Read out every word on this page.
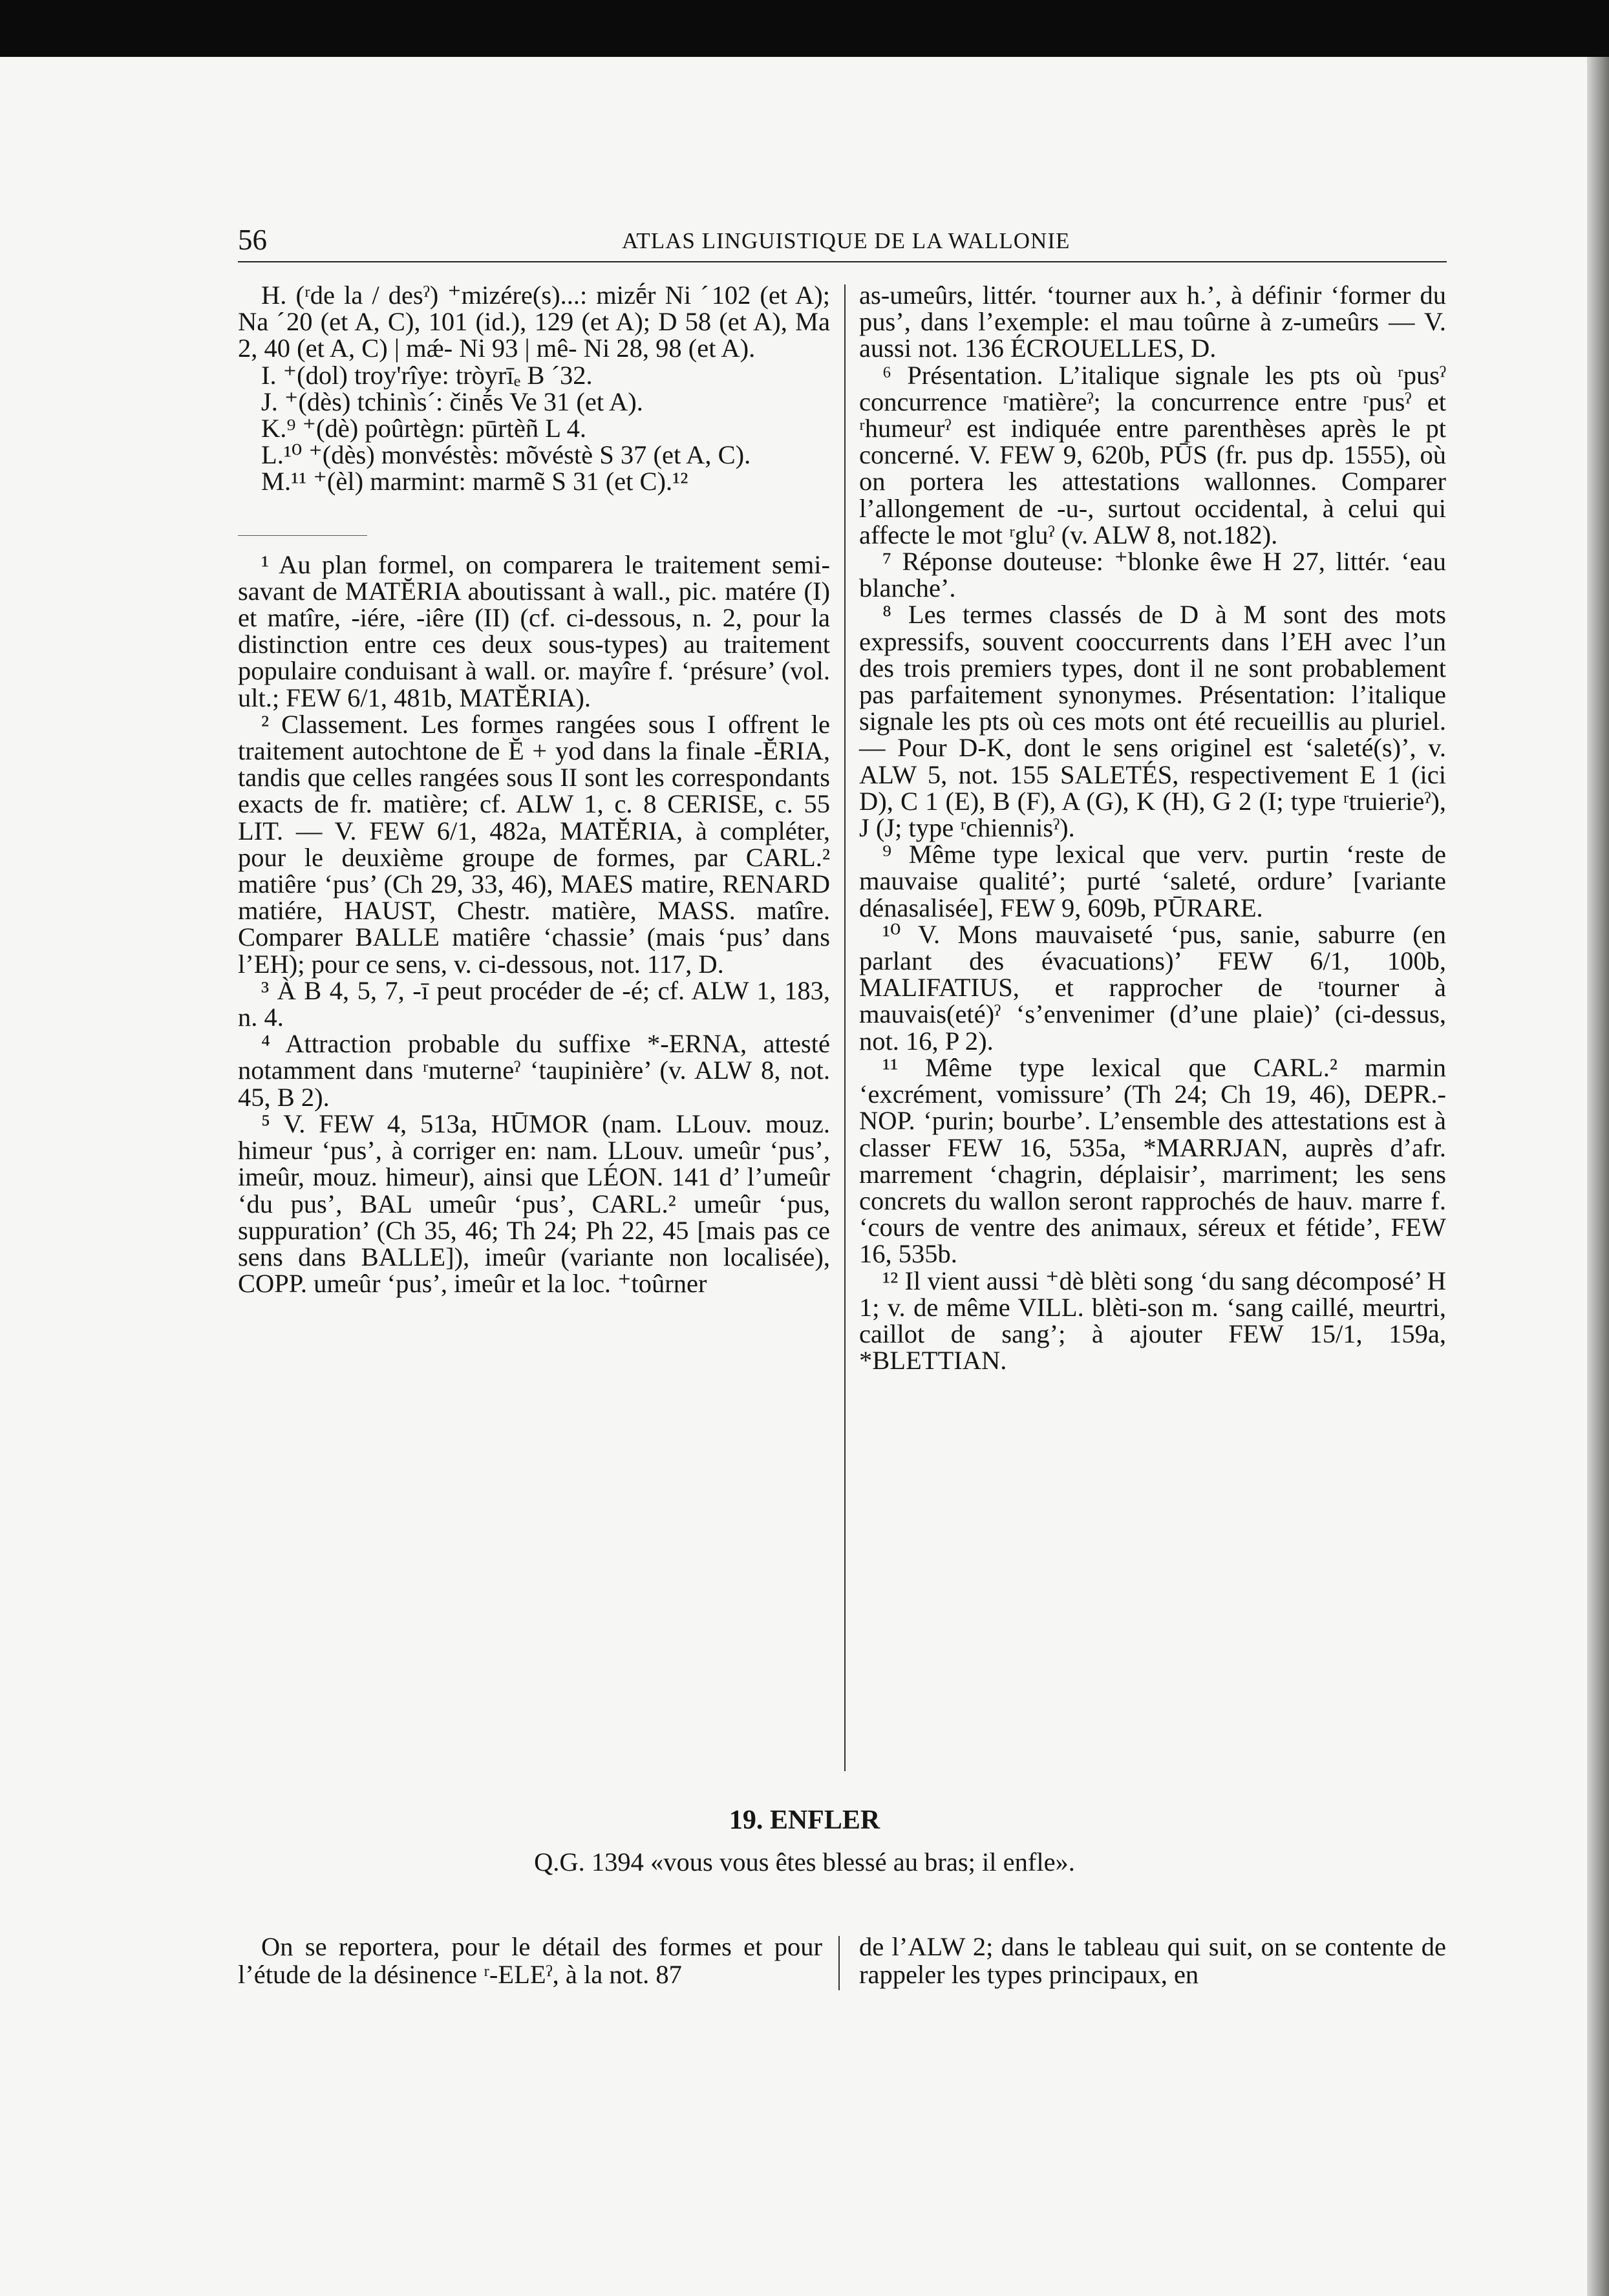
56	ATLAS LINGUISTIQUE DE LA WALLONIE

H. (ʳde la / desˀ) ⁺mizére(s)...: mizḗr Ni ˊ102 (et A); Na ˊ20 (et A, C), 101 (id.), 129 (et A); D 58 (et A), Ma 2, 40 (et A, C) | mǽ- Ni 93 | mê- Ni 28, 98 (et A).

I. ⁺(dol) troy'rîye: tròyrīₑ B ˊ32.

J. ⁺(dès) tchinìsˊ: činḗs Ve 31 (et A).

K.⁹ ⁺(dè) poûrtègn: pūrtèñ L 4.

L.¹⁰ ⁺(dès) monvéstès: mõvéstè S 37 (et A, C).

M.¹¹ ⁺(èl) marmint: marmẽ S 31 (et C).¹²

¹ Au plan formel, on comparera le traitement semi-savant de MATĔRIA aboutissant à wall., pic. matére (I) et matîre, -iére, -iêre (II) (cf. ci-dessous, n. 2, pour la distinction entre ces deux sous-types) au traitement populaire conduisant à wall. or. mayîre f. ‘présure’ (vol. ult.; FEW 6/1, 481b, MATĔRIA).

² Classement. Les formes rangées sous I offrent le traitement autochtone de Ĕ + yod dans la finale -ĔRIA, tandis que celles rangées sous II sont les correspondants exacts de fr. matière; cf. ALW 1, c. 8 CERISE, c. 55 LIT. — V. FEW 6/1, 482a, MATĔRIA, à compléter, pour le deuxième groupe de formes, par CARL.² matiêre ‘pus’ (Ch 29, 33, 46), MAES matire, RENARD matiére, HAUST, Chestr. matière, MASS. matîre. Comparer BALLE matiêre ‘chassie’ (mais ‘pus’ dans l’EH); pour ce sens, v. ci-dessous, not. 117, D.

³ À B 4, 5, 7, -ī peut procéder de -é; cf. ALW 1, 183, n. 4.

⁴ Attraction probable du suffixe *-ERNA, attesté notamment dans ʳmuterneˀ ‘taupinière’ (v. ALW 8, not. 45, B 2).

⁵ V. FEW 4, 513a, HŪMOR (nam. LLouv. mouz. himeur ‘pus’, à corriger en: nam. LLouv. umeûr ‘pus’, imeûr, mouz. himeur), ainsi que LÉON. 141 d’ l’umeûr ‘du pus’, BAL umeûr ‘pus’, CARL.² umeûr ‘pus, suppuration’ (Ch 35, 46; Th 24; Ph 22, 45 [mais pas ce sens dans BALLE]), imeûr (variante non localisée), COPP. umeûr ‘pus’, imeûr et la loc. ⁺toûrner

as-umeûrs, littér. ‘tourner aux h.’, à définir ‘former du pus’, dans l’exemple: el mau toûrne à z-umeûrs — V. aussi not. 136 ÉCROUELLES, D.

⁶ Présentation. L’italique signale les pts où ʳpusˀ concurrence ʳmatièreˀ; la concurrence entre ʳpusˀ et ʳhumeurˀ est indiquée entre parenthèses après le pt concerné. V. FEW 9, 620b, PŪS (fr. pus dp. 1555), où on portera les attestations wallonnes. Comparer l’allongement de -u-, surtout occidental, à celui qui affecte le mot ʳgluˀ (v. ALW 8, not.182).

⁷ Réponse douteuse: ⁺blonke êwe H 27, littér. ‘eau blanche’.

⁸ Les termes classés de D à M sont des mots expressifs, souvent cooccurrents dans l’EH avec l’un des trois premiers types, dont il ne sont probablement pas parfaitement synonymes. Présentation: l’italique signale les pts où ces mots ont été recueillis au pluriel. — Pour D-K, dont le sens originel est ‘saleté(s)’, v. ALW 5, not. 155 SALETÉS, respectivement E 1 (ici D), C 1 (E), B (F), A (G), K (H), G 2 (I; type ʳtruierieˀ), J (J; type ʳchiennisˀ).

⁹ Même type lexical que verv. purtin ‘reste de mauvaise qualité’; purté ‘saleté, ordure’ [variante dénasalisée], FEW 9, 609b, PŪRARE.

¹⁰ V. Mons mauvaiseté ‘pus, sanie, saburre (en parlant des évacuations)’ FEW 6/1, 100b, MALIFATIUS, et rapprocher de ʳtourner à mauvais(eté)ˀ ‘s’envenimer (d’une plaie)’ (ci-dessus, not. 16, P 2).

¹¹ Même type lexical que CARL.² marmin ‘excrément, vomissure’ (Th 24; Ch 19, 46), DEPR.-NOP. ‘purin; bourbe’. L’ensemble des attestations est à classer FEW 16, 535a, *MARRJAN, auprès d’afr. marrement ‘chagrin, déplaisir’, marriment; les sens concrets du wallon seront rapprochés de hauv. marre f. ‘cours de ventre des animaux, séreux et fétide’, FEW 16, 535b.

¹² Il vient aussi ⁺dè blèti song ‘du sang décomposé’ H 1; v. de même VILL. blèti-son m. ‘sang caillé, meurtri, caillot de sang’; à ajouter FEW 15/1, 159a, *BLETTIAN.

19. ENFLER
Q.G. 1394 «vous vous êtes blessé au bras; il enfle».
On se reportera, pour le détail des formes et pour l’étude de la désinence ʳ-ELEˀ, à la not. 87
de l’ALW 2; dans le tableau qui suit, on se contente de rappeler les types principaux, en
